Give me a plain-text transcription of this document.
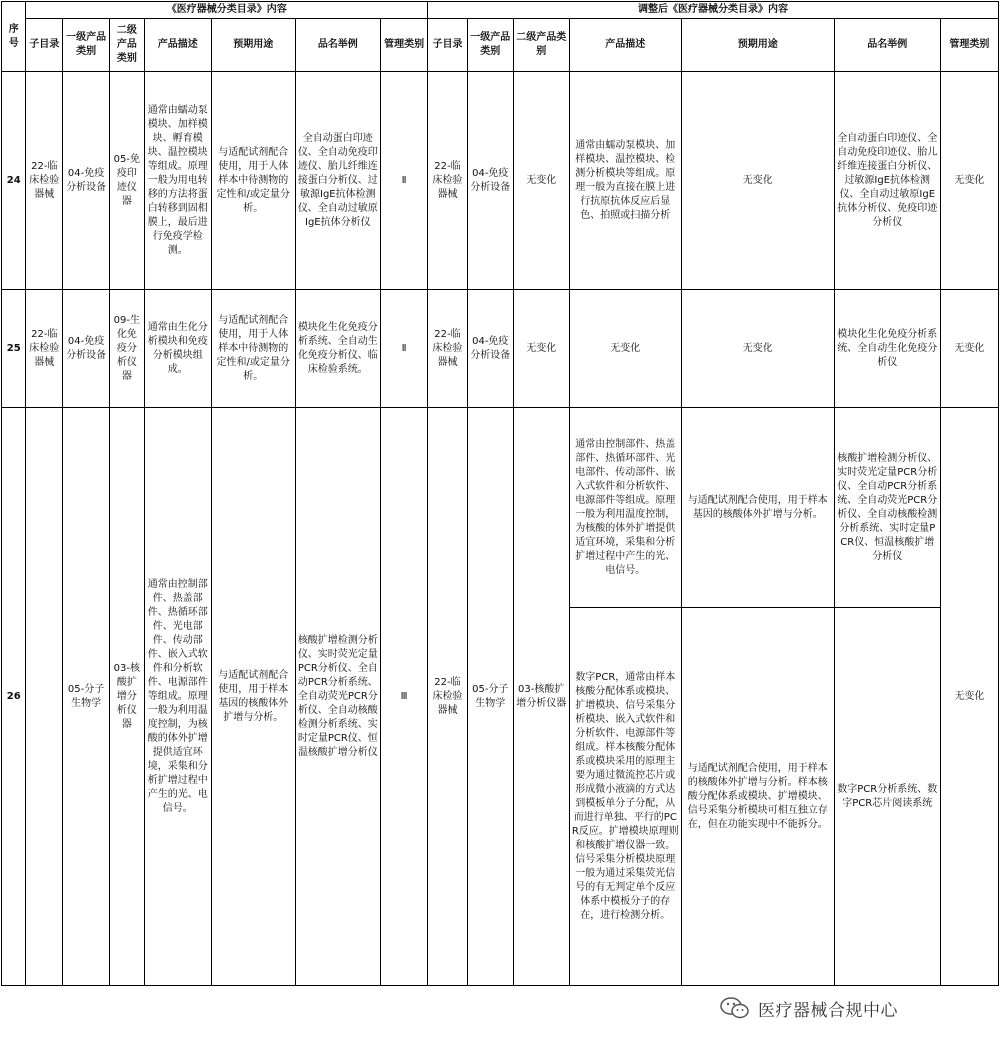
序号	《医疗器械分类目录》内容							调整后《医疗器械分类目录》内容						
	子目录	一级产品类别	二级产品类别	产品描述	预期用途	品名举例	管理类别	子目录	一级产品类别	二级产品类别	产品描述	预期用途	品名举例	管理类别
24	22-临床检验器械	04-免疫分析设备	05-免疫印迹仪器	通常由蠕动泵模块、加样模块、孵育模块、温控模块等组成。原理一般为用电转移的方法将蛋白转移到固相膜上，最后进行免疫学检测。	与适配试剂配合使用，用于人体样本中待测物的定性和/或定量分析。	全自动蛋白印迹仪、全自动免疫印迹仪、胎儿纤维连接蛋白分析仪、过敏源IgE抗体检测仪、全自动过敏原IgE抗体分析仪	Ⅱ	22-临床检验器械	04-免疫分析设备	无变化	通常由蠕动泵模块、加样模块、温控模块、检测分析模块等组成。原理一般为直接在膜上进行抗原抗体反应后显色、拍照或扫描分析	无变化	全自动蛋白印迹仪、全自动免疫印迹仪、胎儿纤维连接蛋白分析仪、过敏源IgE抗体检测仪、全自动过敏原IgE抗体分析仪、免疫印迹分析仪	无变化
25	22-临床检验器械	04-免疫分析设备	09-生化免疫分析仪器	通常由生化分析模块和免疫分析模块组成。	与适配试剂配合使用，用于人体样本中待测物的定性和/或定量分析。	模块化生化免疫分析系统、全自动生化免疫分析仪、临床检验系统。	Ⅱ	22-临床检验器械	04-免疫分析设备	无变化	无变化	无变化	模块化生化免疫分析系统、全自动生化免疫分析仪	无变化
26		05-分子生物学	03-核酸扩增分析仪器	通常由控制部件、热盖部件、热循环部件、光电部件、传动部件、嵌入式软件和分析软件、电源部件等组成。原理一般为利用温度控制，为核酸的体外扩增提供适宜环境，采集和分析扩增过程中产生的光、电信号。	与适配试剂配合使用，用于样本基因的核酸体外扩增与分析。	核酸扩增检测分析仪、实时荧光定量PCR分析仪、全自动PCR分析系统、全自动荧光PCR分析仪、全自动核酸检测分析系统、实时定量PCR仪、恒温核酸扩增分析仪	Ⅲ	22-临床检验器械	05-分子生物学	03-核酸扩增分析仪器	通常由控制部件、热盖部件、热循环部件、光电部件、传动部件、嵌入式软件和分析软件、电源部件等组成。原理一般为利用温度控制，为核酸的体外扩增提供适宜环境，采集和分析扩增过程中产生的光、电信号。	与适配试剂配合使用，用于样本基因的核酸体外扩增与分析。	核酸扩增检测分析仪、实时荧光定量PCR分析仪、全自动PCR分析系统、全自动荧光PCR分析仪、全自动核酸检测分析系统、实时定量PCR仪、恒温核酸扩增分析仪	无变化
											数字PCR，通常由样本核酸分配体系或模块、扩增模块、信号采集分析模块、嵌入式软件和分析软件、电源部件等组成。样本核酸分配体系或模块采用的原理主要为通过微流控芯片或形成微小液滴的方式达到模板单分子分配，从而进行单独、平行的PCR反应。扩增模块原理则和核酸扩增仪器一致。信号采集分析模块原理一般为通过采集荧光信号的有无判定单个反应体系中模板分子的存在，进行检测分析。	与适配试剂配合使用，用于样本的核酸体外扩增与分析。样本核酸分配体系或模块、扩增模块、信号采集分析模块可相互独立存在，但在功能实现中不能拆分。	数字PCR分析系统、数字PCR芯片阅读系统	
医疗器械合规中心
